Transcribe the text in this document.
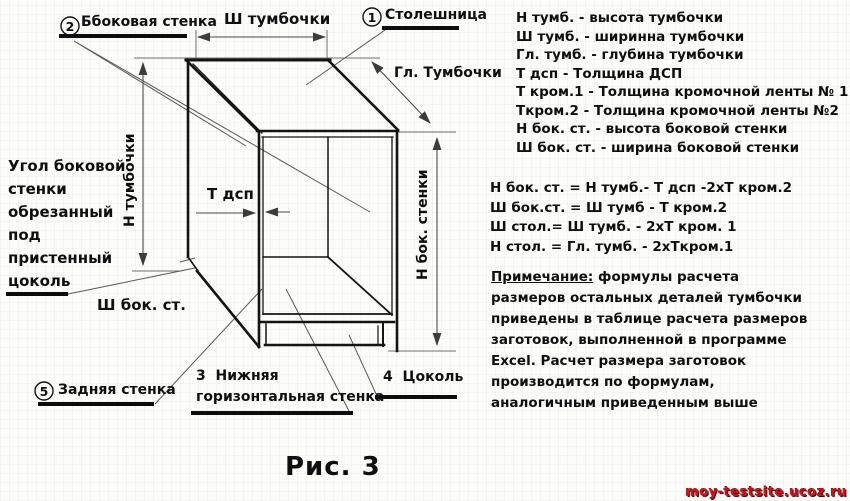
2
1
5
Ш тумбочки
Ббоковая стенка	Столешница
Гл. Тумбочки
Н тумбочки	Н бок. стенки
Т дсп
Угол боковой
стенки
обрезанный
под
пристенный
цоколь
Ш бок. ст.
Задняя стенка
3  Нижняя
горизонтальная стенка
4  Цоколь
Н тумб. - высота тумбочки
Ш тумб. - ширинна тумбочки
Гл. тумб. - глубина тумбочки
Т дсп - Толщина ДСП
Т кром.1 - Толщина кромочной ленты № 1
Ткром.2 - Толщина кромочной ленты №2
Н бок. ст. - высота боковой стенки
Ш бок. ст. - ширина боковой стенки
Н бок. ст. = Н тумб.- Т дсп -2хТ кром.2
Ш бок.ст. = Ш тумб - Т кром.2
Ш стол.= Ш тумб. - 2хТ кром. 1
Н стол. = Гл. тумб. - 2хТкром.1
Примечание: формулы расчета размеров остальных деталей тумбочки приведены в таблице расчета размеров заготовок, выполненной в программе Excel. Расчет размера заготовок производится по формулам, аналогичным приведенным выше
Рис. 3
moy-testsite.ucoz.ru
